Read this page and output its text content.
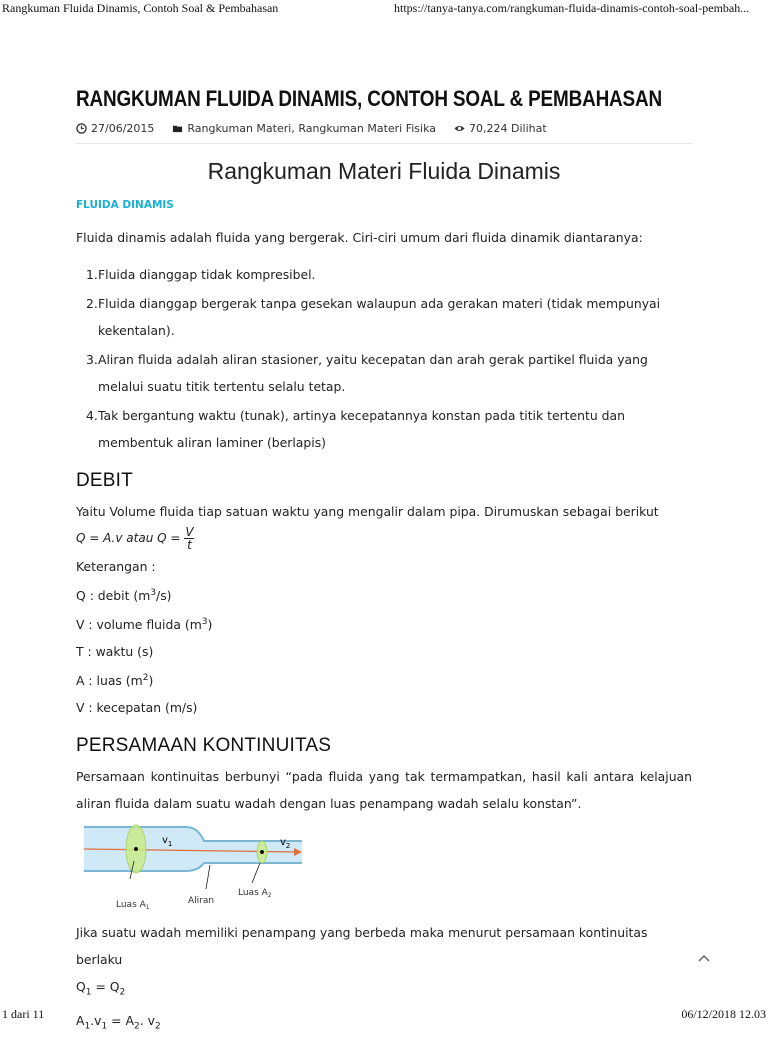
Rangkuman Fluida Dinamis, Contoh Soal & Pembahasan	https://tanya-tanya.com/rangkuman-fluida-dinamis-contoh-soal-pembah...
RANGKUMAN FLUIDA DINAMIS, CONTOH SOAL & PEMBAHASAN
27/06/2015	Rangkuman Materi, Rangkuman Materi Fisika	70,224 Dilihat
Rangkuman Materi Fluida Dinamis
FLUIDA DINAMIS

Fluida dinamis adalah fluida yang bergerak. Ciri-ciri umum dari fluida dinamik diantaranya:

1. Fluida dianggap tidak kompresibel.
2. Fluida dianggap bergerak tanpa gesekan walaupun ada gerakan materi (tidak mempunyai kekentalan).
3. Aliran fluida adalah aliran stasioner, yaitu kecepatan dan arah gerak partikel fluida yang melalui suatu titik tertentu selalu tetap.
4. Tak bergantung waktu (tunak), artinya kecepatannya konstan pada titik tertentu dan membentuk aliran laminer (berlapis)
DEBIT

Yaitu Volume fluida tiap satuan waktu yang mengalir dalam pipa. Dirumuskan sebagai berikut

Q = A.v atau $Q = \frac{V}{t}$

Keterangan :

Q : debit $(m^3/s)$

V : volume fluida $(m^3)$

T : waktu (s)

A : luas $(m^2)$

V : kecepatan (m/s)

PERSAMAAN KONTINUITAS

Persamaan kontinuitas berbunyi “pada fluida yang tak termampatkan, hasil kali antara kelajuan aliran fluida dalam suatu wadah dengan luas penampang wadah selalu konstan”.

$v_1$	$v_2$
Luas $A_1$
Aliran
Luas $A_2$

Jika suatu wadah memiliki penampang yang berbeda maka menurut persamaan kontinuitas berlaku

$Q_1 = Q_2$

$A_1.v_1 = A_2$. $v_2$

1 dari 11	06/12/2018 12.03
